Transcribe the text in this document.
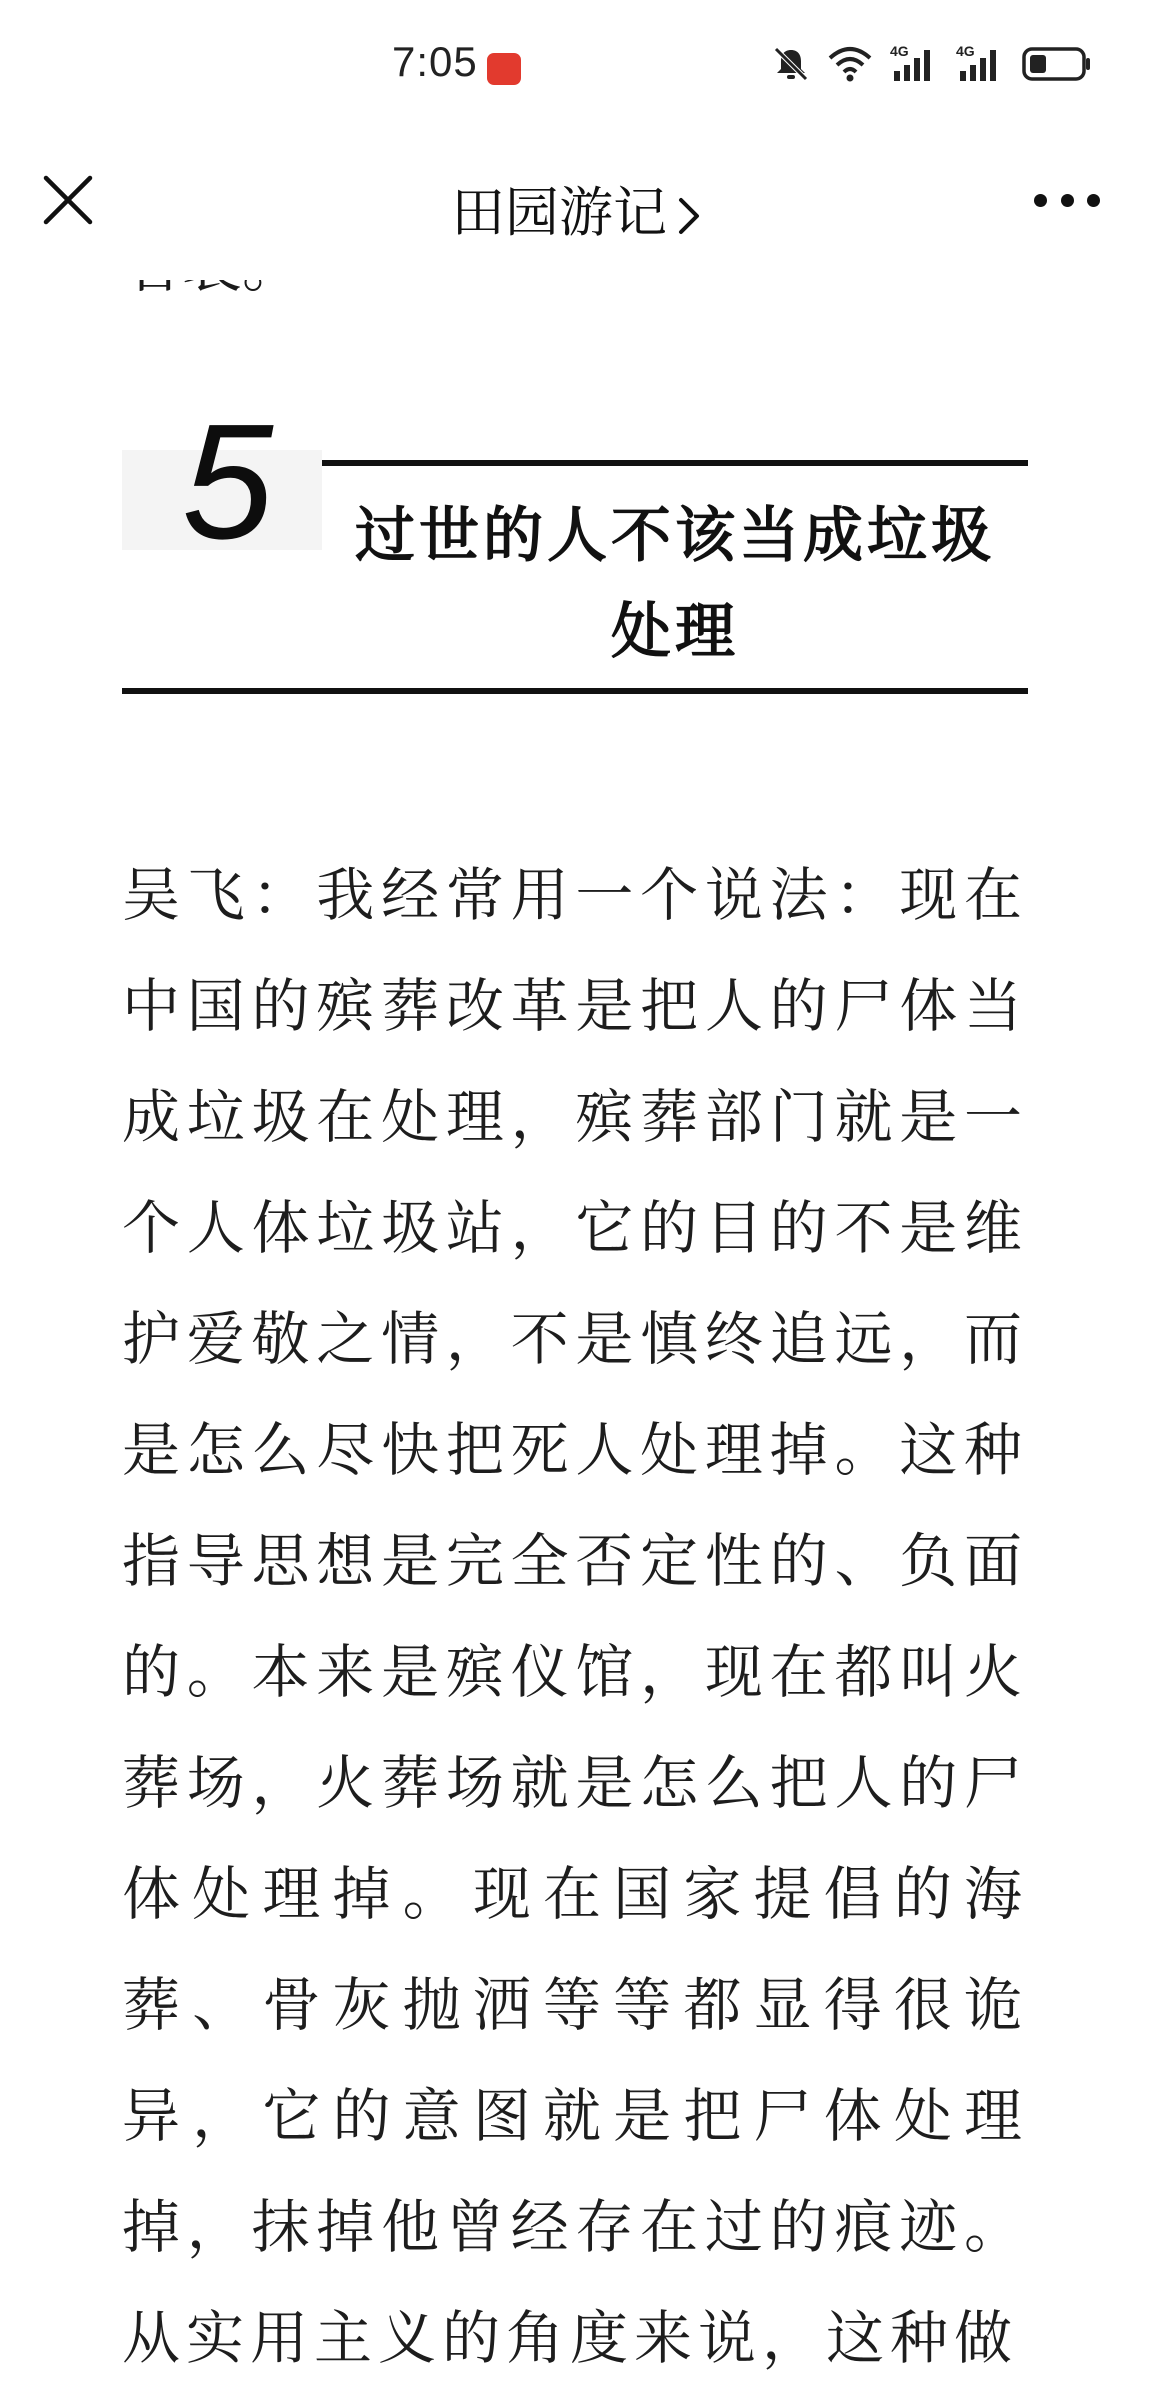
7:05	4G	4G
田园游记
5	过世的人不该当成垃圾
处理
吴飞：我经常用一个说法：现在中国的殡葬改革是把人的尸体当成垃圾在处理，殡葬部门就是一个人体垃圾站，它的目的不是维护爱敬之情，不是慎终追远，而是怎么尽快把死人处理掉。这种指导思想是完全否定性的、负面的。本来是殡仪馆，现在都叫火葬场，火葬场就是怎么把人的尸体处理掉。现在国家提倡的海葬、骨灰抛洒等等都显得很诡异，它的意图就是把尸体处理掉，抹掉他曾经存在过的痕迹。从实用主义的角度来说，这种做
